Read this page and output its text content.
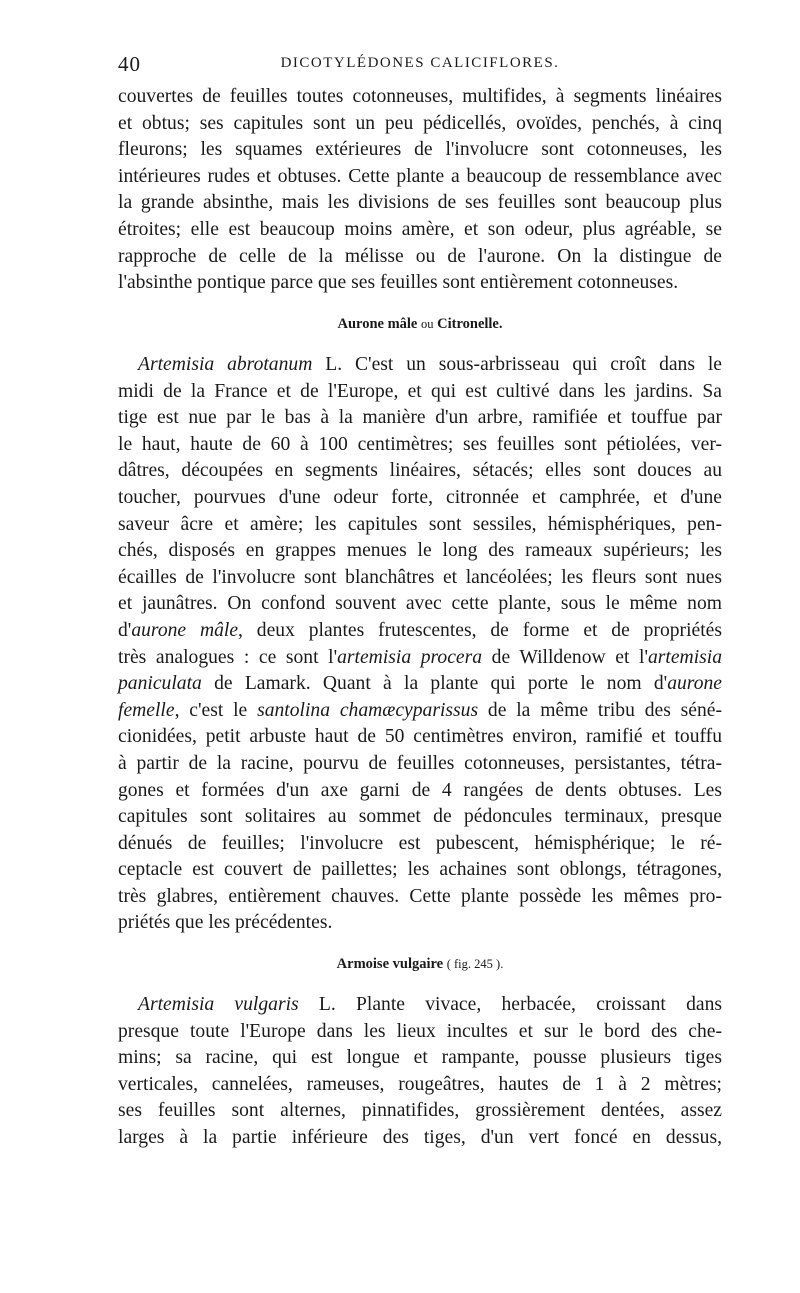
40	DICOTYLÉDONES CALICIFLORES.
couvertes de feuilles toutes cotonneuses, multifides, à segments linéaires
et obtus; ses capitules sont un peu pédicellés, ovoïdes, penchés, à cinq
fleurons; les squames extérieures de l'involucre sont cotonneuses, les
intérieures rudes et obtuses. Cette plante a beaucoup de ressemblance avec
la grande absinthe, mais les divisions de ses feuilles sont beaucoup plus
étroites; elle est beaucoup moins amère, et son odeur, plus agréable, se
rapproche de celle de la mélisse ou de l'aurone. On la distingue de
l'absinthe pontique parce que ses feuilles sont entièrement cotonneuses.
Aurone mâle ou Citronelle.
Artemisia abrotanum L. C'est un sous-arbrisseau qui croît dans le
midi de la France et de l'Europe, et qui est cultivé dans les jardins. Sa
tige est nue par le bas à la manière d'un arbre, ramifiée et touffue par
le haut, haute de 60 à 100 centimètres; ses feuilles sont pétiolées, ver-
dâtres, découpées en segments linéaires, sétacés; elles sont douces au
toucher, pourvues d'une odeur forte, citronnée et camphrée, et d'une
saveur âcre et amère; les capitules sont sessiles, hémisphériques, pen-
chés, disposés en grappes menues le long des rameaux supérieurs; les
écailles de l'involucre sont blanchâtres et lancéolées; les fleurs sont nues
et jaunâtres. On confond souvent avec cette plante, sous le même nom
d'aurone mâle, deux plantes frutescentes, de forme et de propriétés
très analogues : ce sont l'artemisia procera de Willdenow et l'artemisia
paniculata de Lamark. Quant à la plante qui porte le nom d'aurone
femelle, c'est le santolina chamæcyparissus de la même tribu des séné-
cionidées, petit arbuste haut de 50 centimètres environ, ramifié et touffu
à partir de la racine, pourvu de feuilles cotonneuses, persistantes, tétra-
gones et formées d'un axe garni de 4 rangées de dents obtuses. Les
capitules sont solitaires au sommet de pédoncules terminaux, presque
dénués de feuilles; l'involucre est pubescent, hémisphérique; le ré-
ceptacle est couvert de paillettes; les achaines sont oblongs, tétragones,
très glabres, entièrement chauves. Cette plante possède les mêmes pro-
priétés que les précédentes.
Armoise vulgaire ( fig. 245 ).
Artemisia vulgaris L. Plante vivace, herbacée, croissant dans
presque toute l'Europe dans les lieux incultes et sur le bord des che-
mins; sa racine, qui est longue et rampante, pousse plusieurs tiges
verticales, cannelées, rameuses, rougeâtres, hautes de 1 à 2 mètres;
ses feuilles sont alternes, pinnatifides, grossièrement dentées, assez
larges à la partie inférieure des tiges, d'un vert foncé en dessus,
